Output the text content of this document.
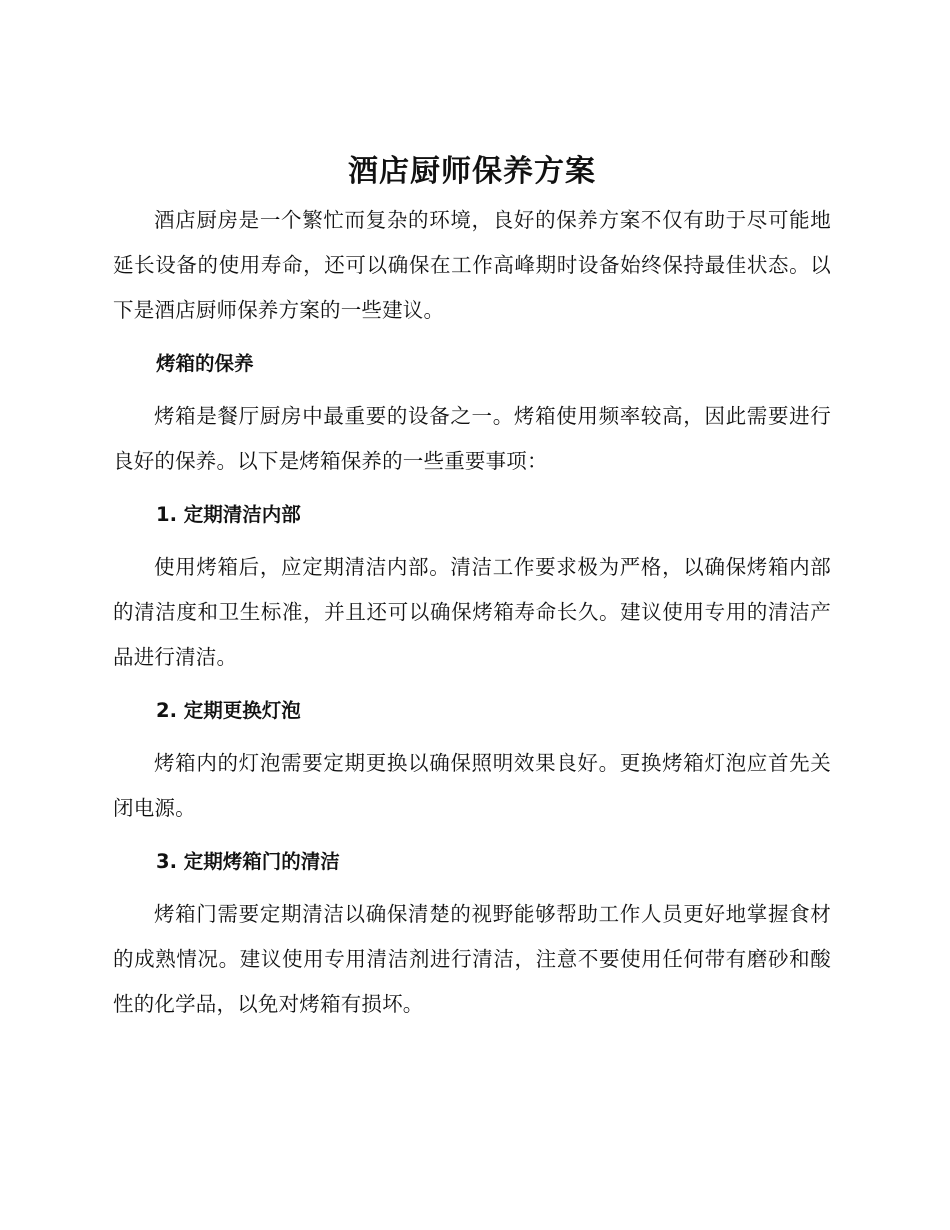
酒店厨师保养方案

酒店厨房是一个繁忙而复杂的环境，良好的保养方案不仅有助于尽可能地延长设备的使用寿命，还可以确保在工作高峰期时设备始终保持最佳状态。以下是酒店厨师保养方案的一些建议。

烤箱的保养

烤箱是餐厅厨房中最重要的设备之一。烤箱使用频率较高，因此需要进行良好的保养。以下是烤箱保养的一些重要事项：

1. 定期清洁内部

使用烤箱后，应定期清洁内部。清洁工作要求极为严格，以确保烤箱内部的清洁度和卫生标准，并且还可以确保烤箱寿命长久。建议使用专用的清洁产品进行清洁。

2. 定期更换灯泡

烤箱内的灯泡需要定期更换以确保照明效果良好。更换烤箱灯泡应首先关闭电源。

3. 定期烤箱门的清洁

烤箱门需要定期清洁以确保清楚的视野能够帮助工作人员更好地掌握食材的成熟情况。建议使用专用清洁剂进行清洁，注意不要使用任何带有磨砂和酸性的化学品，以免对烤箱有损坏。
